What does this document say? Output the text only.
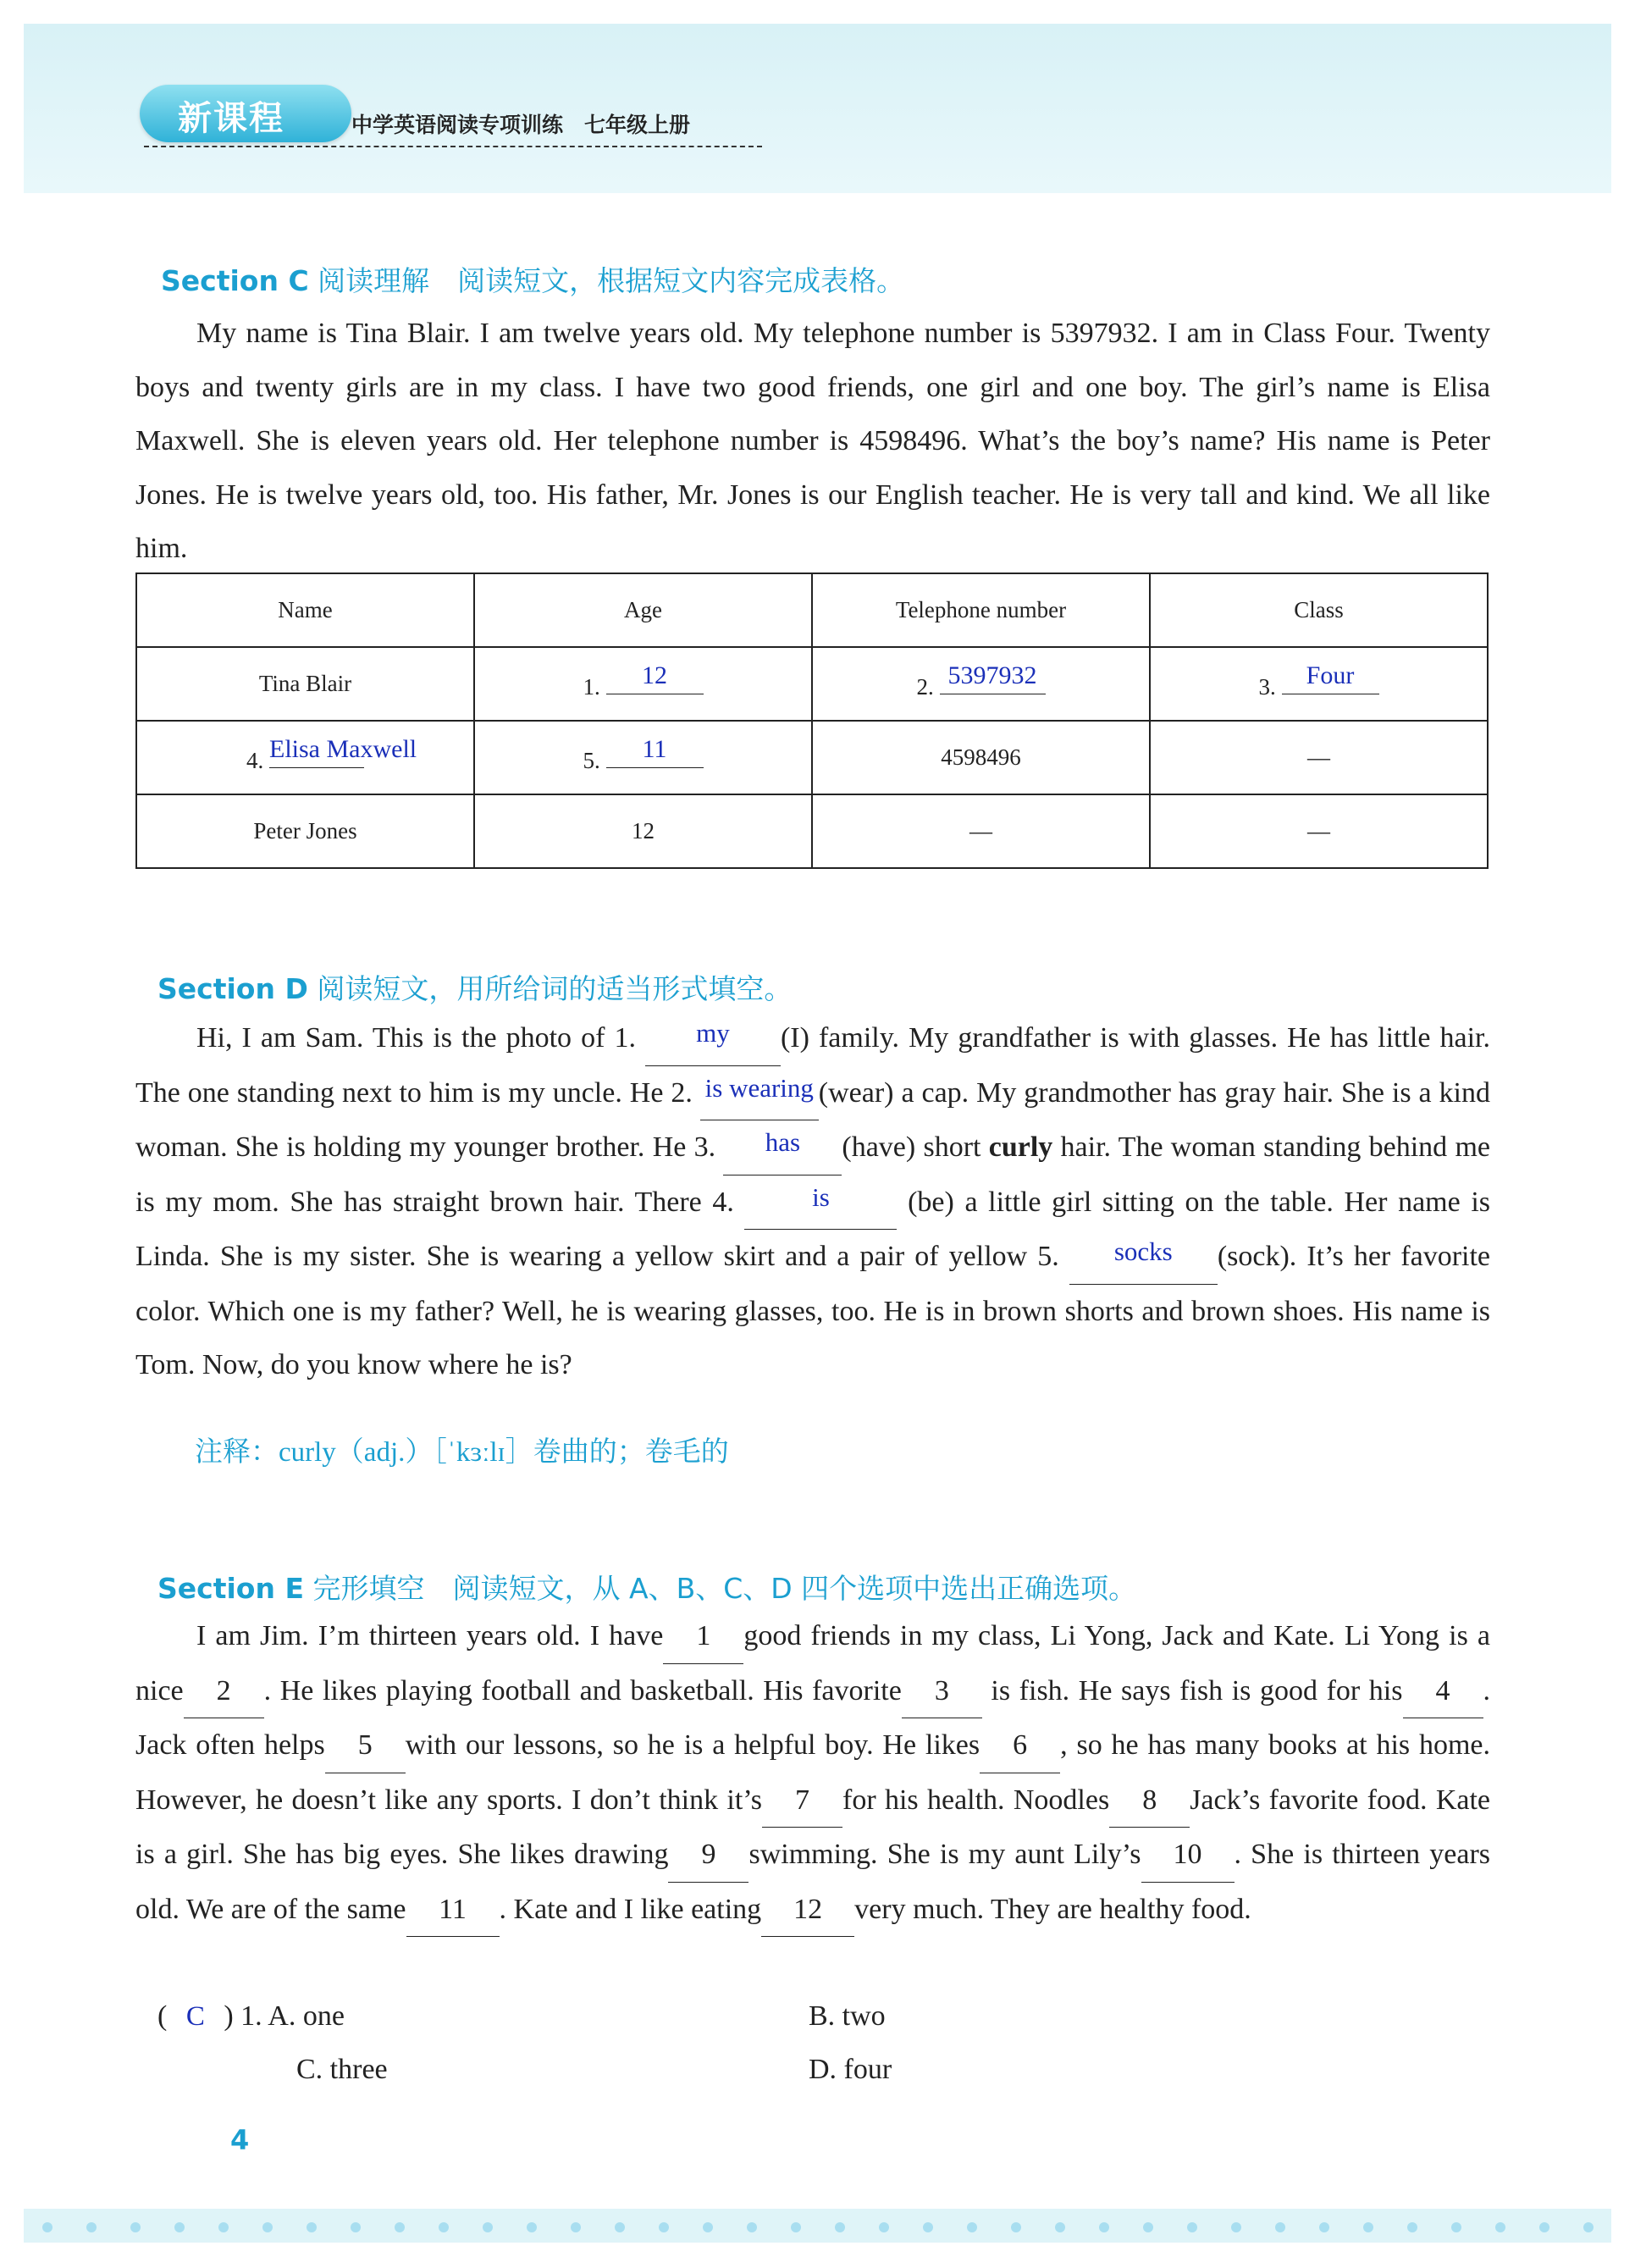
新课程	中学英语阅读专项训练　七年级上册
Section C 阅读理解　阅读短文，根据短文内容完成表格。

My name is Tina Blair. I am twelve years old. My telephone number is 5397932. I am in Class Four. Twenty boys and twenty girls are in my class. I have two good friends, one girl and one boy. The girl’s name is Elisa Maxwell. She is eleven years old. Her telephone number is 4598496. What’s the boy’s name? His name is Peter Jones. He is twelve years old, too. His father, Mr. Jones is our English teacher. He is very tall and kind. We all like him.

Name	Age	Telephone number	Class
Tina Blair	1. 12	2. 5397932	3. Four

4. Elisa Maxwell	5. 11	4598496	—
Peter Jones	12	—	—
Section D 阅读短文，用所给词的适当形式填空。

Hi, I am Sam. This is the photo of 1.	my	(I) family. My grandfather is with glasses. He has little hair. The one standing next to him is my uncle. He 2. is wearing (wear) a cap. My grandmother has gray hair. She is a kind woman. She is holding my younger brother. He 3.	has	(have) short curly hair. The woman standing behind me is my mom. She has straight brown hair. There 4.	is	(be) a little girl sitting on the table. Her name is Linda. She is my sister. She is wearing a yellow skirt and a pair of yellow 5.	socks	(sock). It’s her favorite color. Which one is my father? Well, he is wearing glasses, too. He is in brown shorts and brown shoes. His name is Tom. Now, do you know where he is?

注释：curly（adj.）［ˈkɜːlɪ］卷曲的；卷毛的
Section E 完形填空　阅读短文，从 A、B、C、D 四个选项中选出正确选项。

I am Jim. I’m thirteen years old. I have 1 good friends in my class, Li Yong, Jack and Kate. Li Yong is a nice 2 . He likes playing football and basketball. His favorite 3 is fish. He says fish is good for his 4 . Jack often helps 5 with our lessons, so he is a helpful boy. He likes 6 , so he has many books at his home. However, he doesn’t like any sports. I don’t think it’s 7 for his health. Noodles 8 Jack’s favorite food. Kate is a girl. She has big eyes. She likes drawing 9 swimming. She is my aunt Lily’s 10 . She is thirteen years old. We are of the same 11 . Kate and I like eating 12 very much. They are healthy food.

( C ) 1. A. one	B. two
C. three	D. four
4
